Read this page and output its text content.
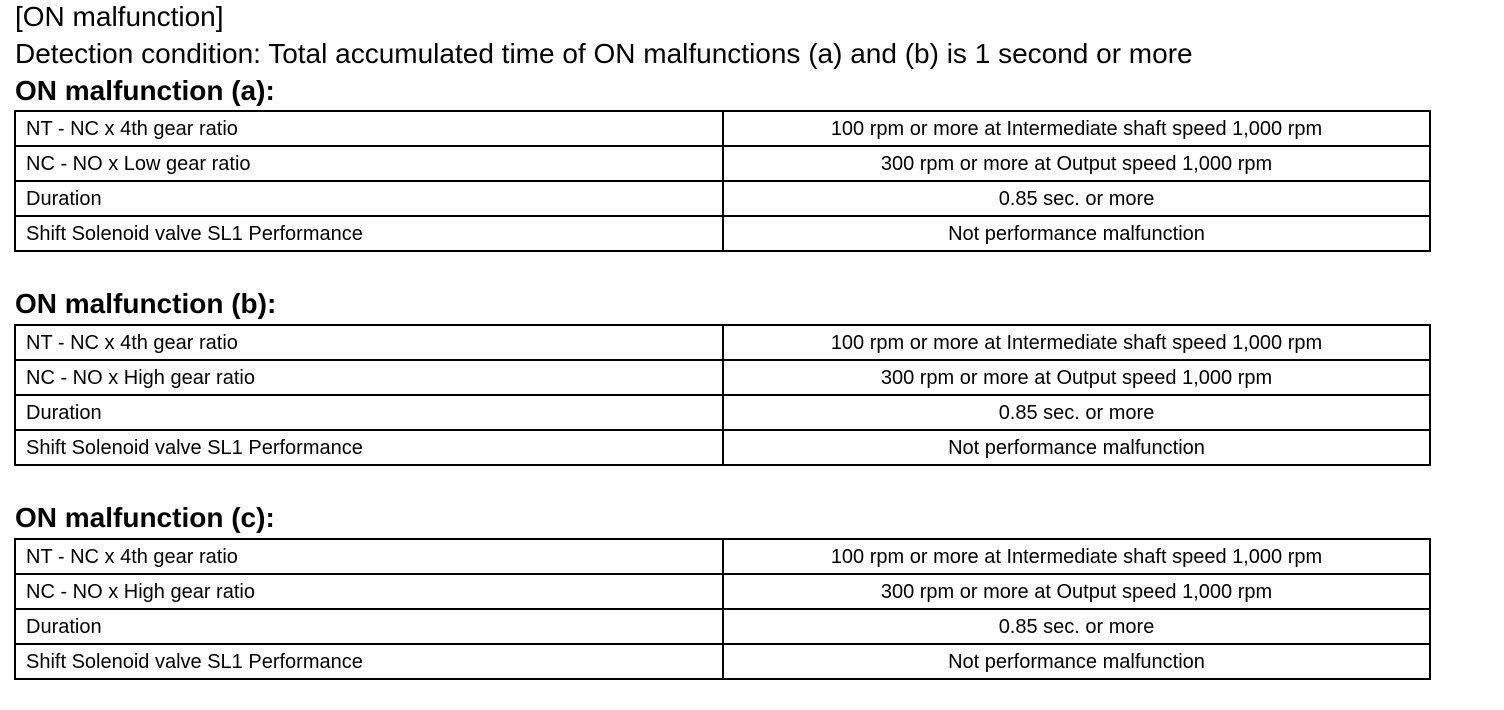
[ON malfunction]
Detection condition: Total accumulated time of ON malfunctions (a) and (b) is 1 second or more
ON malfunction (a):
NT - NC x 4th gear ratio	100 rpm or more at Intermediate shaft speed 1,000 rpm
NC - NO x Low gear ratio	300 rpm or more at Output speed 1,000 rpm
Duration	0.85 sec. or more
Shift Solenoid valve SL1 Performance	Not performance malfunction
ON malfunction (b):
NT - NC x 4th gear ratio	100 rpm or more at Intermediate shaft speed 1,000 rpm
NC - NO x High gear ratio	300 rpm or more at Output speed 1,000 rpm
Duration	0.85 sec. or more
Shift Solenoid valve SL1 Performance	Not performance malfunction
ON malfunction (c):
NT - NC x 4th gear ratio	100 rpm or more at Intermediate shaft speed 1,000 rpm
NC - NO x High gear ratio	300 rpm or more at Output speed 1,000 rpm
Duration	0.85 sec. or more
Shift Solenoid valve SL1 Performance	Not performance malfunction
